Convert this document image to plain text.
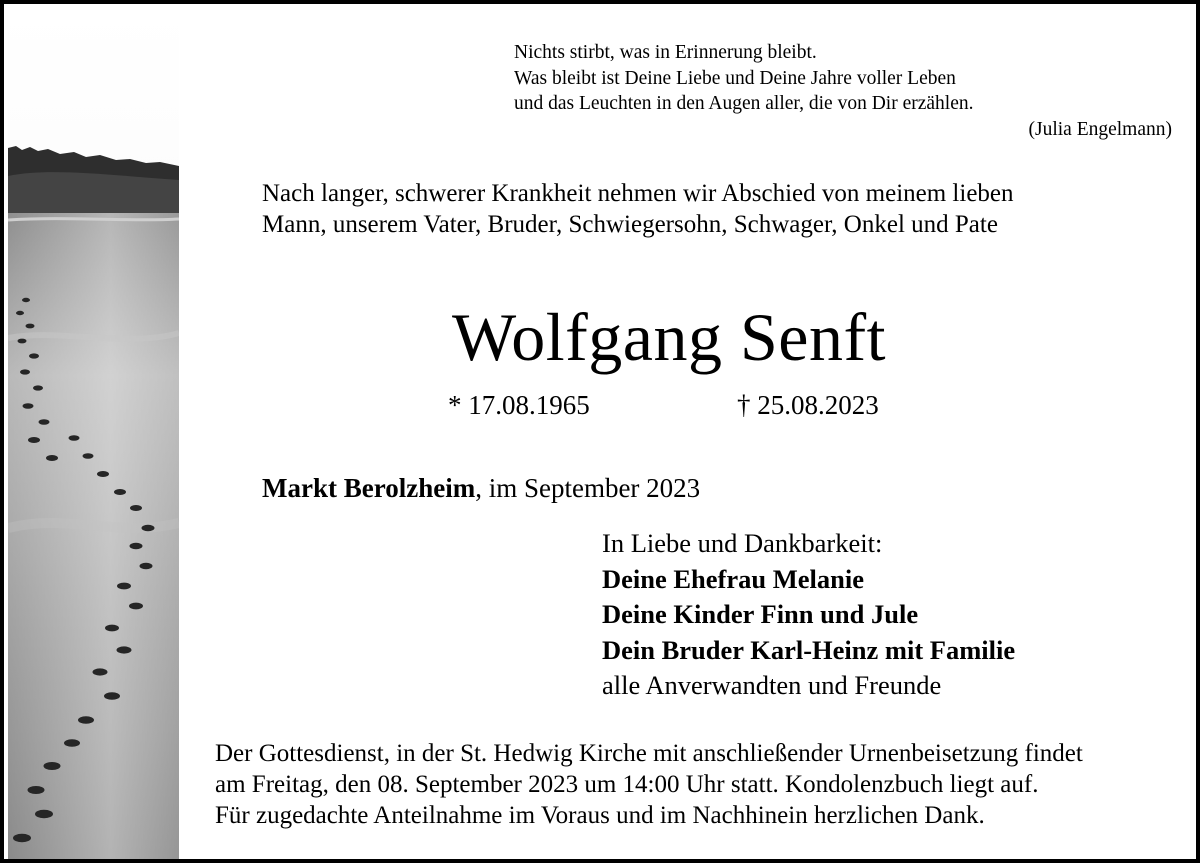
Nichts stirbt, was in Erinnerung bleibt.
Was bleibt ist Deine Liebe und Deine Jahre voller Leben
und das Leuchten in den Augen aller, die von Dir erzählen.
(Julia Engelmann)
Nach langer, schwerer Krankheit nehmen wir Abschied von meinem lieben
Mann, unserem Vater, Bruder, Schwiegersohn, Schwager, Onkel und Pate
Wolfgang Senft
* 17.08.1965	† 25.08.2023
Markt Berolzheim, im September 2023
In Liebe und Dankbarkeit:
Deine Ehefrau Melanie
Deine Kinder Finn und Jule
Dein Bruder Karl-Heinz mit Familie
alle Anverwandten und Freunde
Der Gottesdienst, in der St. Hedwig Kirche mit anschließender Urnenbeisetzung findet
am Freitag, den 08. September 2023 um 14:00 Uhr statt. Kondolenzbuch liegt auf.
Für zugedachte Anteilnahme im Voraus und im Nachhinein herzlichen Dank.
